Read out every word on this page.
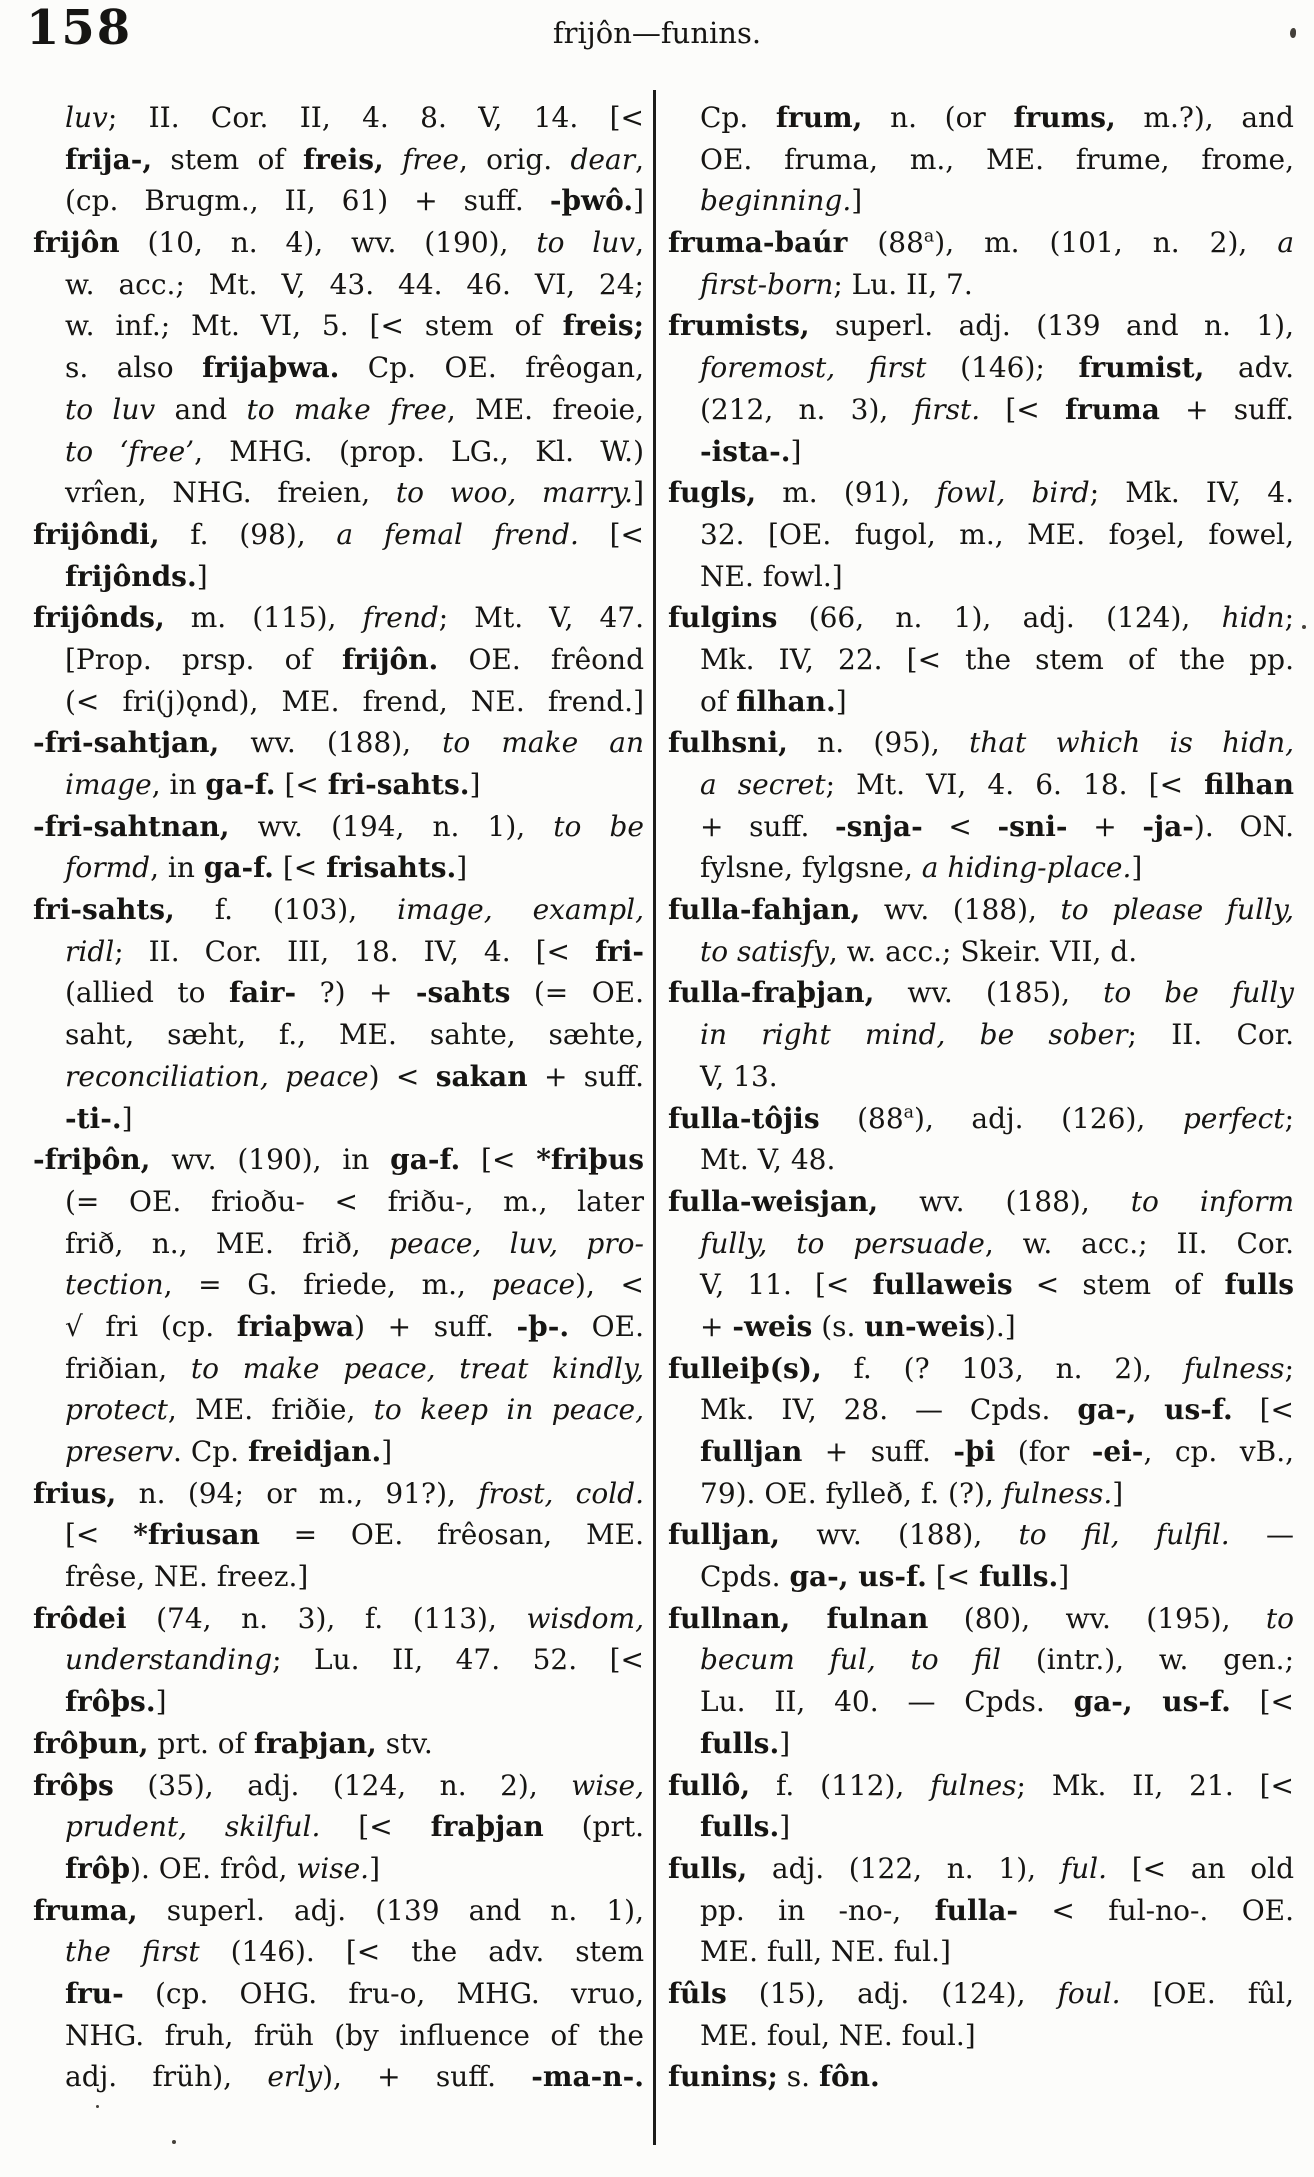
158	frijôn—funins.
luv; II. Cor. II, 4. 8. V, 14. [<
frija-, stem of freis, free, orig. dear,
(cp. Brugm., II, 61) + suff. -þwô.]
frijôn (10, n. 4), wv. (190), to luv,
w. acc.; Mt. V, 43. 44. 46. VI, 24;
w. inf.; Mt. VI, 5. [< stem of freis;
s. also frijaþwa. Cp. OE. frêogan,
to luv and to make free, ME. freoie,
to ‘free’, MHG. (prop. LG., Kl. W.)
vrîen, NHG. freien, to woo, marry.]
frijôndi, f. (98), a femal frend. [<
frijônds.]
frijônds, m. (115), frend; Mt. V, 47.
[Prop. prsp. of frijôn. OE. frêond
(< fri(j)ǫnd), ME. frend, NE. frend.]
-fri-sahtjan, wv. (188), to make an
image, in ga-f. [< fri-sahts.]
-fri-sahtnan, wv. (194, n. 1), to be
formd, in ga-f. [< frisahts.]
fri-sahts, f. (103), image, exampl,
ridl; II. Cor. III, 18. IV, 4. [< fri-
(allied to fair- ?) + -sahts (= OE.
saht, sæht, f., ME. sahte, sæhte,
reconciliation, peace) < sakan + suff.
-ti-.]
-friþôn, wv. (190), in ga-f. [< *friþus
(= OE. frioðu- < friðu-, m., later
frið, n., ME. frið, peace, luv, pro-
tection, = G. friede, m., peace), <
√ fri (cp. friaþwa) + suff. -þ-. OE.
friðian, to make peace, treat kindly,
protect, ME. friðie, to keep in peace,
preserv. Cp. freidjan.]
frius, n. (94; or m., 91?), frost, cold.
[< *friusan = OE. frêosan, ME.
frêse, NE. freez.]
frôdei (74, n. 3), f. (113), wisdom,
understanding; Lu. II, 47. 52. [<
frôþs.]
frôþun, prt. of fraþjan, stv.
frôþs (35), adj. (124, n. 2), wise,
prudent, skilful. [< fraþjan (prt.
frôþ). OE. frôd, wise.]
fruma, superl. adj. (139 and n. 1),
the first (146). [< the adv. stem
fru- (cp. OHG. fru-o, MHG. vruo,
NHG. fruh, früh (by influence of the
adj. früh), erly), + suff. -ma-n-.
Cp. frum, n. (or frums, m.?), and
OE. fruma, m., ME. frume, frome,
beginning.]
fruma-baúr (88$^a$), m. (101, n. 2), a
first-born; Lu. II, 7.
frumists, superl. adj. (139 and n. 1),
foremost, first (146); frumist, adv.
(212, n. 3), first. [< fruma + suff.
-ista-.]
fugls, m. (91), fowl, bird; Mk. IV, 4.
32. [OE. fugol, m., ME. foȝel, fowel,
NE. fowl.]
fulgins (66, n. 1), adj. (124), hidn;
Mk. IV, 22. [< the stem of the pp.
of filhan.]
fulhsni, n. (95), that which is hidn,
a secret; Mt. VI, 4. 6. 18. [< filhan
+ suff. -snja- < -sni- + -ja-). ON.
fylsne, fylgsne, a hiding-place.]
fulla-fahjan, wv. (188), to please fully,
to satisfy, w. acc.; Skeir. VII, d.
fulla-fraþjan, wv. (185), to be fully
in right mind, be sober; II. Cor.
V, 13.
fulla-tôjis (88$^a$), adj. (126), perfect;
Mt. V, 48.
fulla-weisjan, wv. (188), to inform
fully, to persuade, w. acc.; II. Cor.
V, 11. [< fullaweis < stem of fulls
+ -weis (s. un-weis).]
fulleiþ(s), f. (? 103, n. 2), fulness;
Mk. IV, 28. — Cpds. ga-, us-f. [<
fulljan + suff. -þi (for -ei-, cp. vB.,
79). OE. fylleð, f. (?), fulness.]
fulljan, wv. (188), to fil, fulfil. —
Cpds. ga-, us-f. [< fulls.]
fullnan, fulnan (80), wv. (195), to
becum ful, to fil (intr.), w. gen.;
Lu. II, 40. — Cpds. ga-, us-f. [<
fulls.]
fullô, f. (112), fulnes; Mk. II, 21. [<
fulls.]
fulls, adj. (122, n. 1), ful. [< an old
pp. in -no-, fulla- < ful-no-. OE.
ME. full, NE. ful.]
fûls (15), adj. (124), foul. [OE. fûl,
ME. foul, NE. foul.]
funins; s. fôn.
